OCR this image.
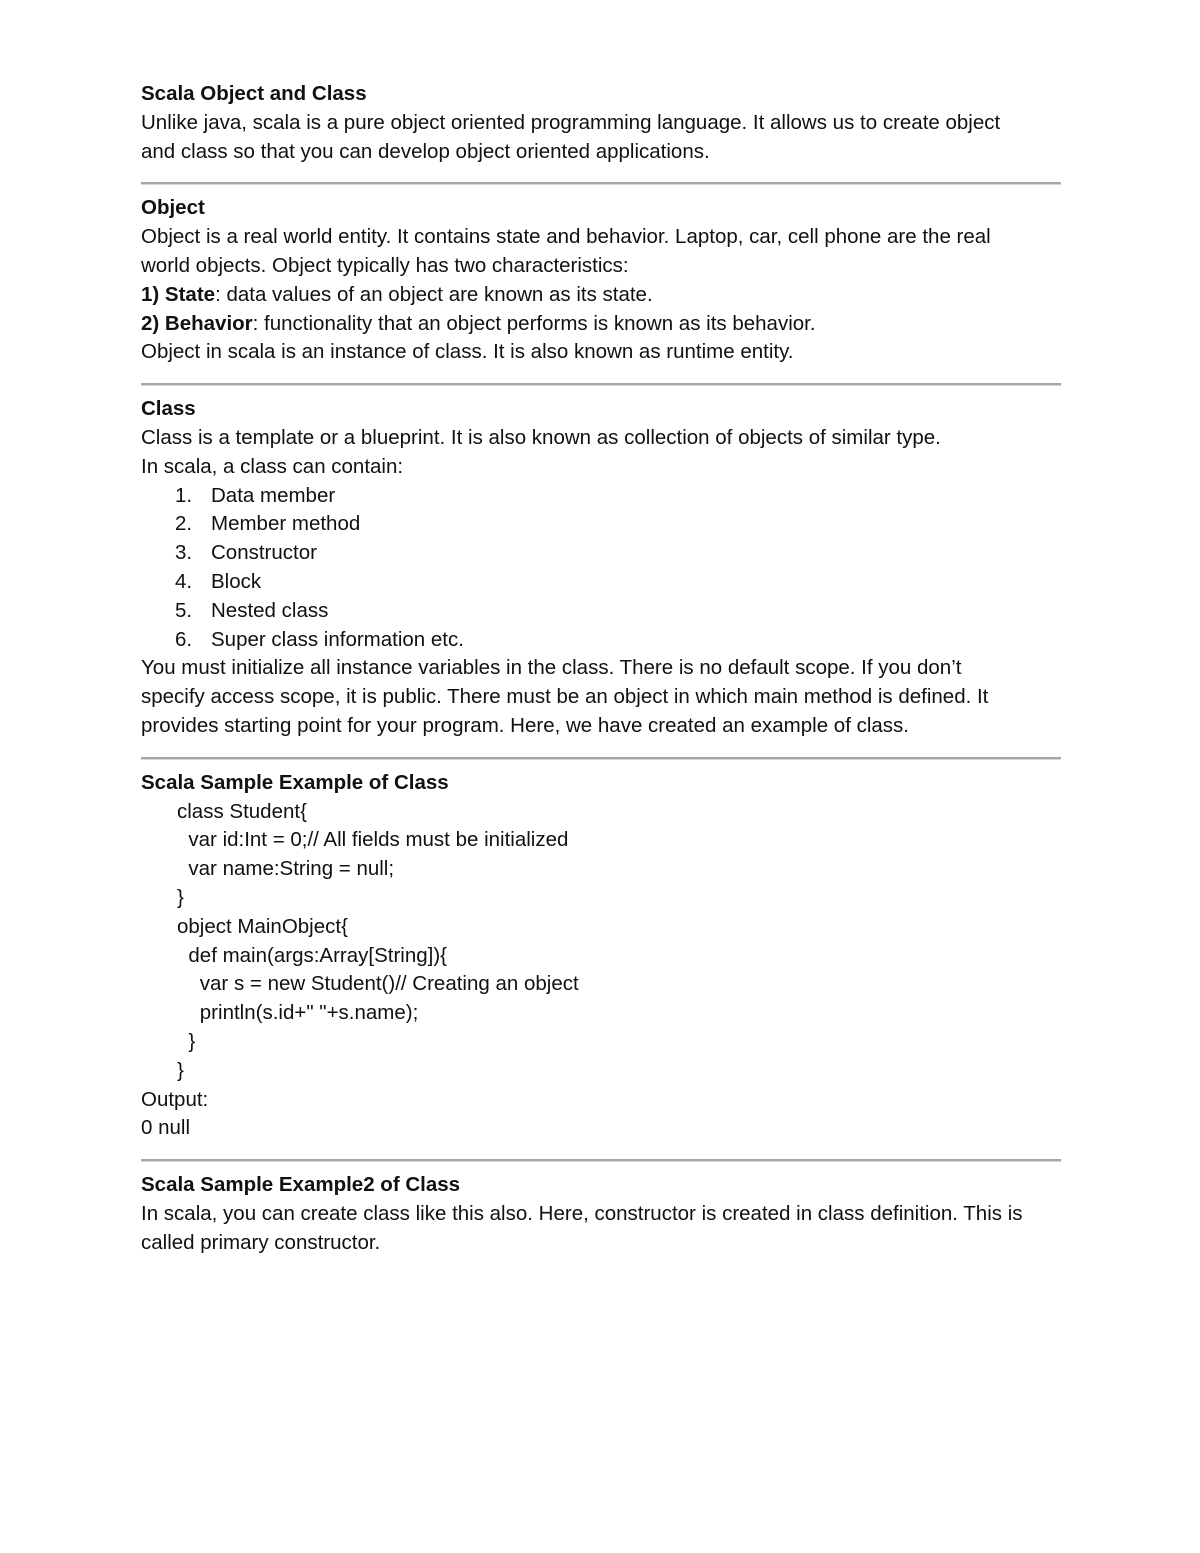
Scala Object and Class
Unlike java, scala is a pure object oriented programming language. It allows us to create object
and class so that you can develop object oriented applications.
Object
Object is a real world entity. It contains state and behavior. Laptop, car, cell phone are the real
world objects. Object typically has two characteristics:
1) State: data values of an object are known as its state.
2) Behavior: functionality that an object performs is known as its behavior.
Object in scala is an instance of class. It is also known as runtime entity.
Class
Class is a template or a blueprint. It is also known as collection of objects of similar type.
In scala, a class can contain:
1. Data member
2. Member method
3. Constructor
4. Block
5. Nested class
6. Super class information etc.
You must initialize all instance variables in the class. There is no default scope. If you don’t
specify access scope, it is public. There must be an object in which main method is defined. It
provides starting point for your program. Here, we have created an example of class.
Scala Sample Example of Class
class Student{
var id:Int = 0;// All fields must be initialized
var name:String = null;
}
object MainObject{
def main(args:Array[String]){
var s = new Student()// Creating an object
println(s.id+" "+s.name);
}
}
Output:
0 null
Scala Sample Example2 of Class
In scala, you can create class like this also. Here, constructor is created in class definition. This is
called primary constructor.
